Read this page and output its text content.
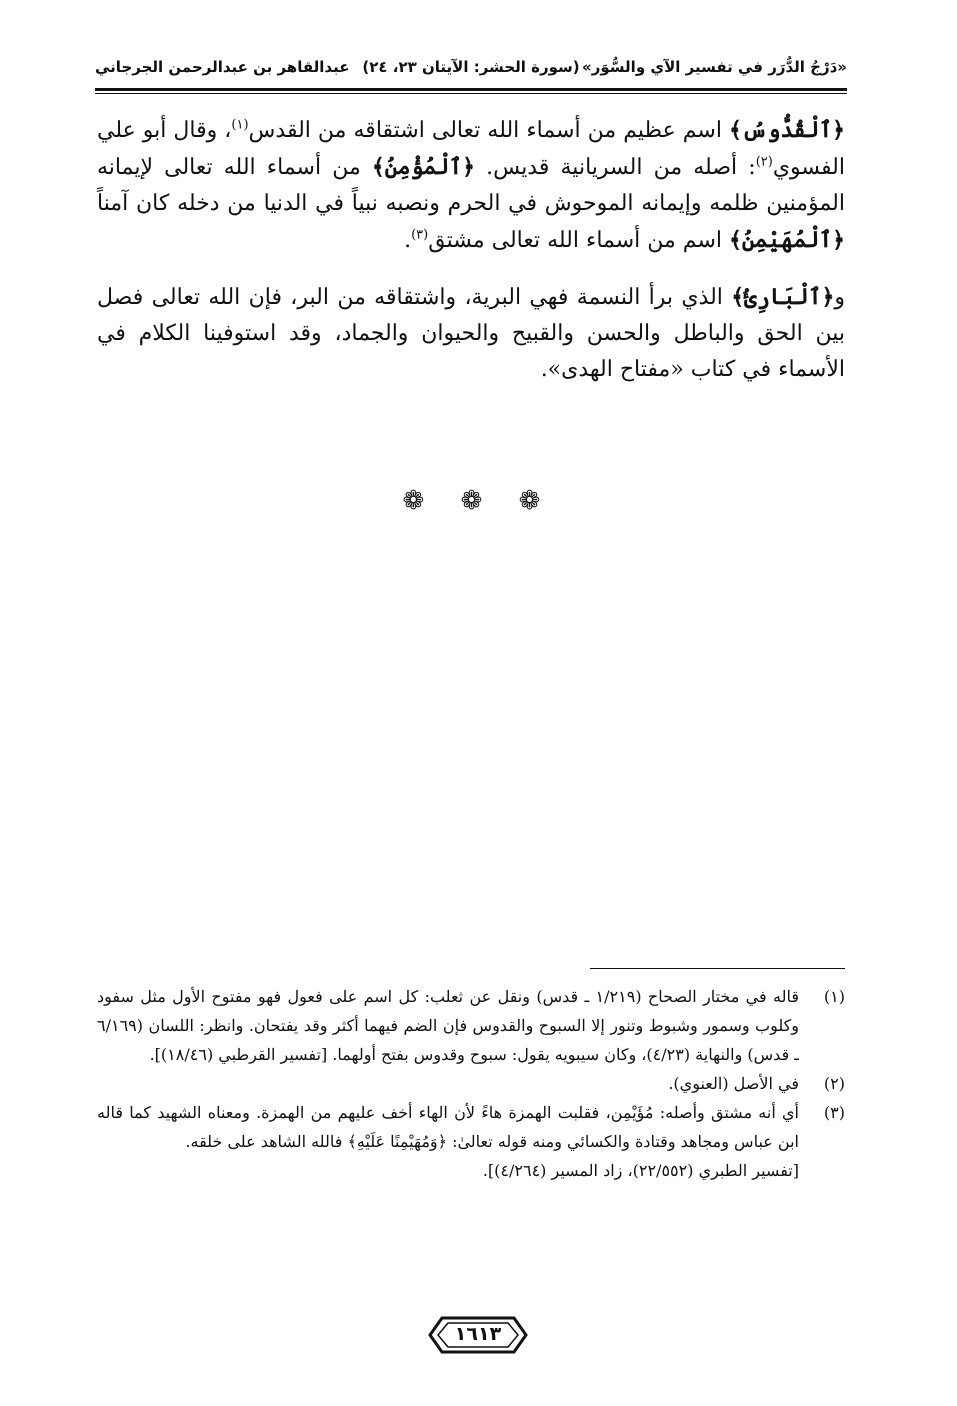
عبدالقاهر بن عبدالرحمن الجرجاني (سورة الحشر: الآيتان ٢٣، ٢٤) «دَرْجُ الدُّرَر في تفسير الآي والسُّوَر»

﴿ٱلْقُدُّوسُ﴾ اسم عظيم من أسماء الله تعالى اشتقاقه من القدس$^{(١)}$، وقال أبو علي الفسوي$^{(٢)}$: أصله من السريانية قديس. ﴿ٱلْمُؤْمِنُ﴾ من أسماء الله تعالى لإيمانه المؤمنين ظلمه وإيمانه الموحوش في الحرم ونصبه نبياً في الدنيا من دخله كان آمناً ﴿ٱلْمُهَيْمِنُ﴾ اسم من أسماء الله تعالى مشتق$^{(٣)}$.

و﴿ٱلْبَارِئُ﴾ الذي برأ النسمة فهي البرية، واشتقاقه من البر، فإن الله تعالى فصل بين الحق والباطل والحسن والقبيح والحيوان والجماد، وقد استوفينا الكلام في الأسماء في كتاب «مفتاح الهدى».

❁ ❁ ❁
(١)
قاله في مختار الصحاح (١/٢١٩ ـ قدس) ونقل عن ثعلب: كل اسم على فعول فهو مفتوح الأول مثل سفود وكلوب وسمور وشبوط وتنور إلا السبوح والقدوس فإن الضم فيهما أكثر وقد يفتحان. وانظر: اللسان (٦/١٦٩ ـ قدس) والنهاية (٤/٢٣)، وكان سيبويه يقول: سبوح وقدوس بفتح أولهما. [تفسير القرطبي (١٨/٤٦)].
(٢)
في الأصل (العنوي).
(٣)
أي أنه مشتق وأصله: مُؤَيْمِن، فقلبت الهمزة هاءً لأن الهاء أخف عليهم من الهمزة. ومعناه الشهيد كما قاله ابن عباس ومجاهد وقتادة والكسائي ومنه قوله تعالىٰ: ﴿وَمُهَيْمِنًا عَلَيْهِ﴾ فالله الشاهد على خلقه.
[تفسير الطبري (٢٢/٥٥٢)، زاد المسير (٤/٢٦٤)].
١٦١٣
